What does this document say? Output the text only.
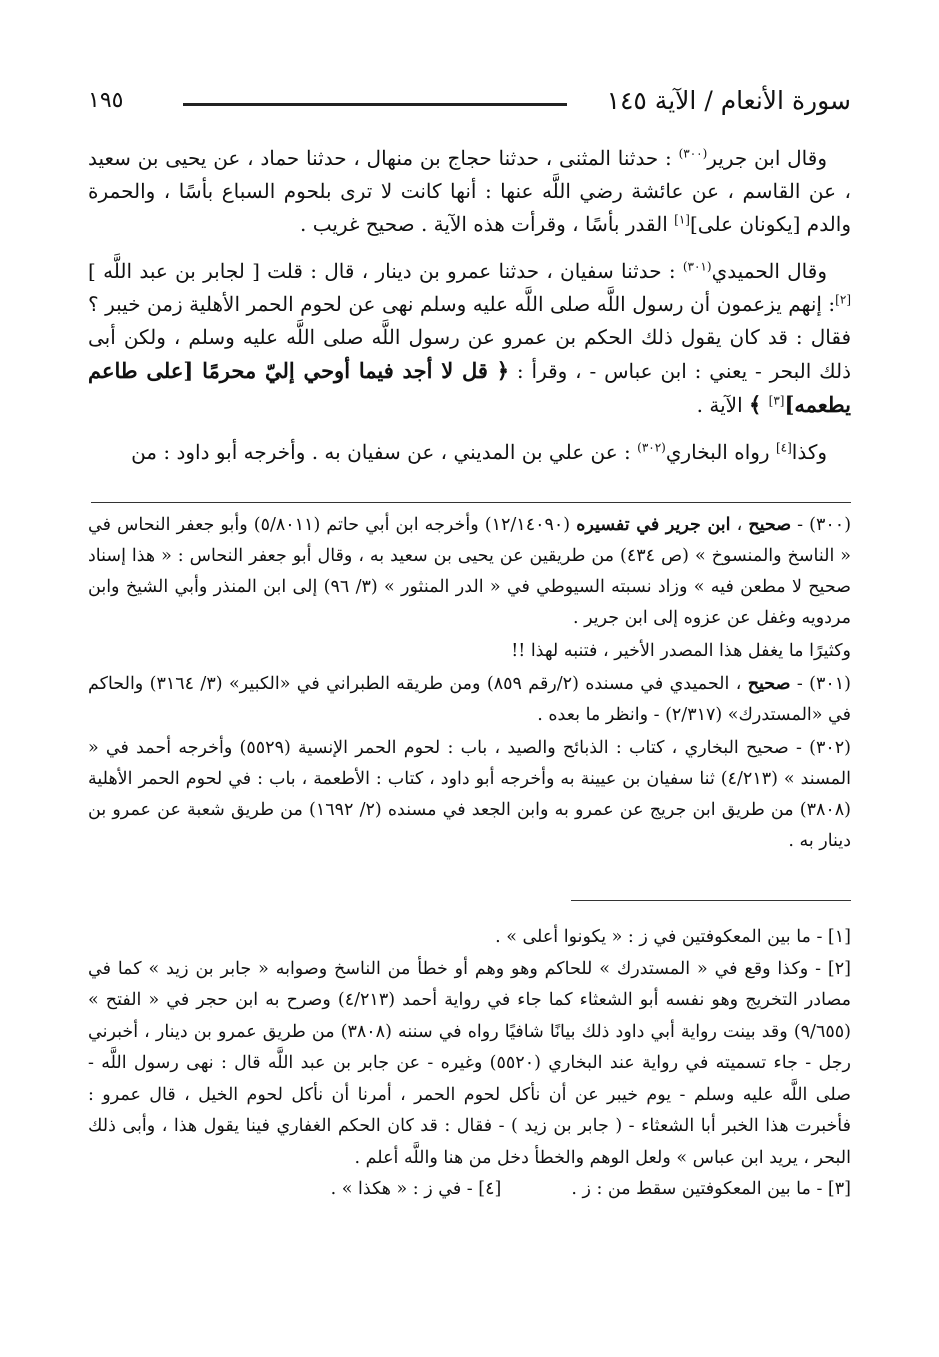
سورة الأنعام / الآية ١٤٥
١٩٥

وقال ابن جرير$^{(٣٠٠)}$ : حدثنا المثنى ، حدثنا حجاج بن منهال ، حدثنا حماد ، عن يحيى بن سعيد ، عن القاسم ، عن عائشة رضي اللَّه عنها : أنها كانت لا ترى بلحوم السباع بأسًا ، والحمرة والدم [يكونان على][١] القدر بأسًا ، وقرأت هذه الآية . صحيح غريب .

وقال الحميدي$^{(٣٠١)}$ : حدثنا سفيان ، حدثنا عمرو بن دينار ، قال : قلت [ لجابر بن عبد اللَّه ][٢]: إنهم يزعمون أن رسول اللَّه صلى اللَّه عليه وسلم نهى عن لحوم الحمر الأهلية زمن خيبر ؟ فقال : قد كان يقول ذلك الحكم بن عمرو عن رسول اللَّه صلى اللَّه عليه وسلم ، ولكن أبى ذلك البحر - يعني : ابن عباس - ، وقرأ : ﴿ قل لا أجد فيما أوحي إليّ محرمًا [على طاعم يطعمه][٣] ﴾ الآية .

وكذا[٤] رواه البخاري$^{(٣٠٢)}$ : عن علي بن المديني ، عن سفيان به . وأخرجه أبو داود : من

(٣٠٠) - صحيح ، ابن جرير في تفسيره (١٢/١٤٠٩٠) وأخرجه ابن أبي حاتم (٥/٨٠١١) وأبو جعفر النحاس في « الناسخ والمنسوخ » (ص ٤٣٤) من طريقين عن يحيى بن سعيد به ، وقال أبو جعفر النحاس : « هذا إسناد صحيح لا مطعن فيه » وزاد نسبته السيوطي في « الدر المنثور » (٣/ ٩٦) إلى ابن المنذر وأبي الشيخ وابن مردويه وغفل عن عزوه إلى ابن جرير .

وكثيرًا ما يغفل هذا المصدر الأخير ، فتنبه لهذا !!

(٣٠١) - صحيح ، الحميدي في مسنده (٢/رقم ٨٥٩) ومن طريقه الطبراني في «الكبير» (٣/ ٣١٦٤) والحاكم في «المستدرك» (٢/٣١٧) - وانظر ما بعده .

(٣٠٢) - صحيح البخاري ، كتاب : الذبائح والصيد ، باب : لحوم الحمر الإنسية (٥٥٢٩) وأخرجه أحمد في « المسند » (٤/٢١٣) ثنا سفيان بن عيينة به وأخرجه أبو داود ، كتاب : الأطعمة ، باب : في لحوم الحمر الأهلية (٣٨٠٨) من طريق ابن جريج عن عمرو به وابن الجعد في مسنده (٢/ ١٦٩٢) من طريق شعبة عن عمرو بن دينار به .

[١] - ما بين المعكوفتين في ز : « يكونوا أعلى » .

[٢] - وكذا وقع في « المستدرك » للحاكم وهو وهم أو خطأ من الناسخ وصوابه « جابر بن زيد » كما في مصادر التخريج وهو نفسه أبو الشعثاء كما جاء في رواية أحمد (٤/٢١٣) وصرح به ابن حجر في « الفتح » (٩/٦٥٥) وقد بينت رواية أبي داود ذلك بيانًا شافيًا رواه في سننه (٣٨٠٨) من طريق عمرو بن دينار ، أخبرني رجل - جاء تسميته في رواية عند البخاري (٥٥٢٠) وغيره - عن جابر بن عبد اللَّه قال : نهى رسول اللَّه - صلى اللَّه عليه وسلم - يوم خيبر عن أن نأكل لحوم الحمر ، أمرنا أن نأكل لحوم الخيل ، قال عمرو : فأخبرت هذا الخبر أبا الشعثاء - ( جابر بن زيد ) - فقال : قد كان الحكم الغفاري فينا يقول هذا ، وأبى ذلك البحر ، يريد ابن عباس » ولعل الوهم والخطأ دخل من هنا واللَّه أعلم .

[٣] - ما بين المعكوفتين سقط من : ز .
[٤] - في ز : « هكذا » .
